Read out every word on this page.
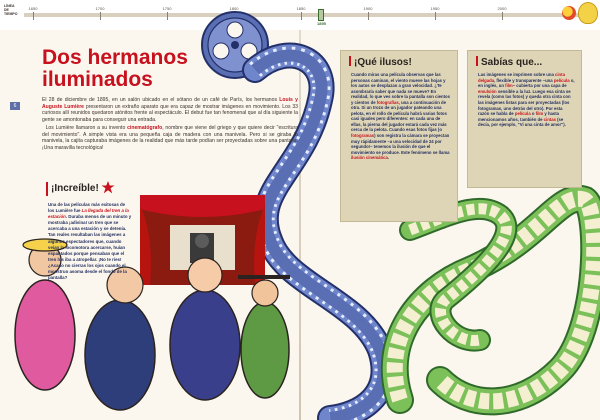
LÍNEA
DE
TIEMPO
1650	1700	1750	1800	1850	1900	1950	2000
1895
6
Dos hermanos
iluminados

El 28 de diciembre de 1895, en un salón ubicado en el sótano de un café de París, los hermanos Louis y Auguste Lumière presentaron un extraño aparato que era capaz de mostrar imágenes en movimiento. Los 33 curiosos allí reunidos quedaron atónitos frente al espectáculo. El debut fue tan fenomenal que al día siguiente la gente se amontonaba para conseguir una entrada.

Los Lumière llamaron a su invento cinematógrafo, nombre que viene del griego y que quiere decir "escritura del movimiento". A simple vista era una pequeña caja de madera con una manivela. Pero si se giraba la manivela, la cajita capturaba imágenes de la realidad que más tarde podían ser proyectadas sobre una pantalla. ¡Una maravilla tecnológica!

¡Increíble!
Una de las películas más exitosas de los Lumière fue La llegada del tren a la estación. Duraba menos de un minuto y mostraba ¡adivina! un tren que se acercaba a una estación y se detenía. Tan reales resultaban las imágenes a algunos espectadores que, cuando veían la locomotora acercarse, huían espantados porque pensaban que el tren los iba a atropellar. ¡No te ríes! ¿Acaso no cierras los ojos cuando el monstruo asoma desde el fondo de la pantalla?
¡Qué ilusos!
Cuando miras una película observas que las personas caminan, el viento mueve las hojas y los autos se desplazan a gran velocidad. ¿Te asombraría saber que nada se mueve? En realidad, lo que ves sobre la pantalla son cientos y cientos de fotografías, una a continuación de otra. Si un trozo de un jugador pateando una pelota, en el rollo de película habrá varias fotos casi iguales pero diferentes: en cada una de ellas, la pierna del jugador estará cada vez más cerca de la pelota. Cuando esas fotos fijas (o fotogramas) son registra la cámara se proyectan muy rápidamente –a una velocidad de 24 por segundo!– tenemos la ilusión de que el movimiento se produce. Este fenómeno se llama ilusión cinemática.
Sabías que...
Las imágenes se imprimen sobre una cinta delgada, flexible y transparente –una película o, en inglés, un film– cubierta por una capa de emulsión sensible a la luz. Luego esa cinta se revela (como las fotos) y queda otra cinta con las imágenes listas para ser proyectadas (los fotogramas, uno detrás del otro). Por esta razón se habla de película o film y hasta mencionamos años, también de cintas (se decía, por ejemplo, "Vi una cinta de amor").
